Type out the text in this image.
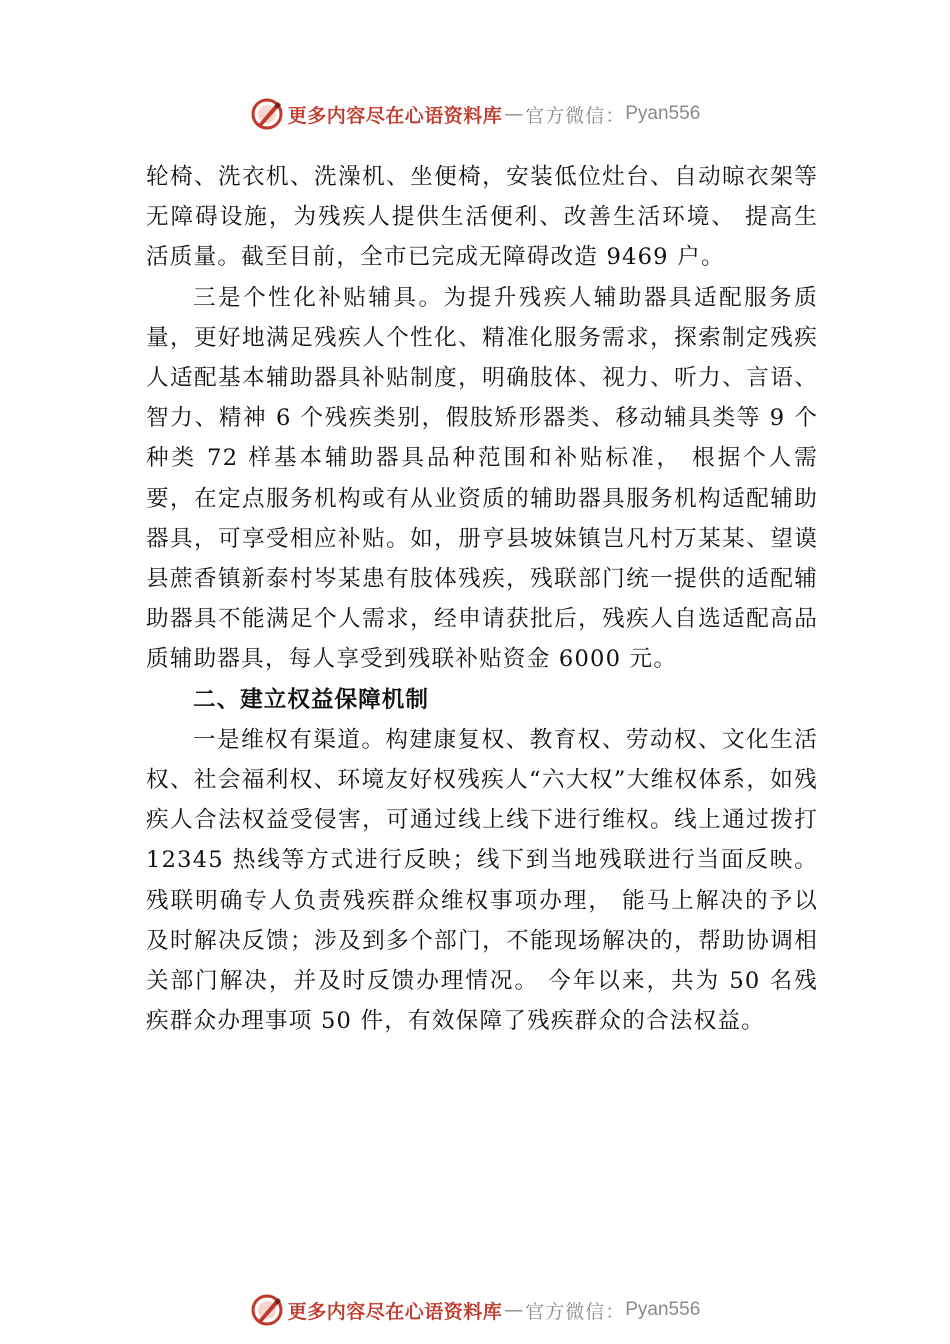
更多内容尽在心语资料库 — 官方微信： Pyan556

轮椅、洗衣机、洗澡机、坐便椅，安装低位灶台、自动晾衣架等无障碍设施，为残疾人提供生活便利、改善生活环境、 提高生活质量。截至目前，全市已完成无障碍改造 9469 户。

三是个性化补贴辅具。为提升残疾人辅助器具适配服务质量，更好地满足残疾人个性化、精准化服务需求，探索制定残疾人适配基本辅助器具补贴制度，明确肢体、视力、听力、言语、智力、精神 6 个残疾类别，假肢矫形器类、移动辅具类等 9 个种类 72 样基本辅助器具品种范围和补贴标准， 根据个人需要，在定点服务机构或有从业资质的辅助器具服务机构适配辅助器具，可享受相应补贴。如，册亨县坡妹镇岂凡村万某某、望谟县蔗香镇新泰村岑某患有肢体残疾，残联部门统一提供的适配辅助器具不能满足个人需求，经申请获批后，残疾人自选适配高品质辅助器具，每人享受到残联补贴资金 6000 元。

二、建立权益保障机制

一是维权有渠道。构建康复权、教育权、劳动权、文化生活权、社会福利权、环境友好权残疾人“六大权”大维权体系，如残疾人合法权益受侵害，可通过线上线下进行维权。线上通过拨打 12345 热线等方式进行反映；线下到当地残联进行当面反映。残联明确专人负责残疾群众维权事项办理， 能马上解决的予以及时解决反馈；涉及到多个部门，不能现场解决的，帮助协调相关部门解决，并及时反馈办理情况。 今年以来，共为 50 名残疾群众办理事项 50 件，有效保障了残疾群众的合法权益。

更多内容尽在心语资料库 — 官方微信： Pyan556
